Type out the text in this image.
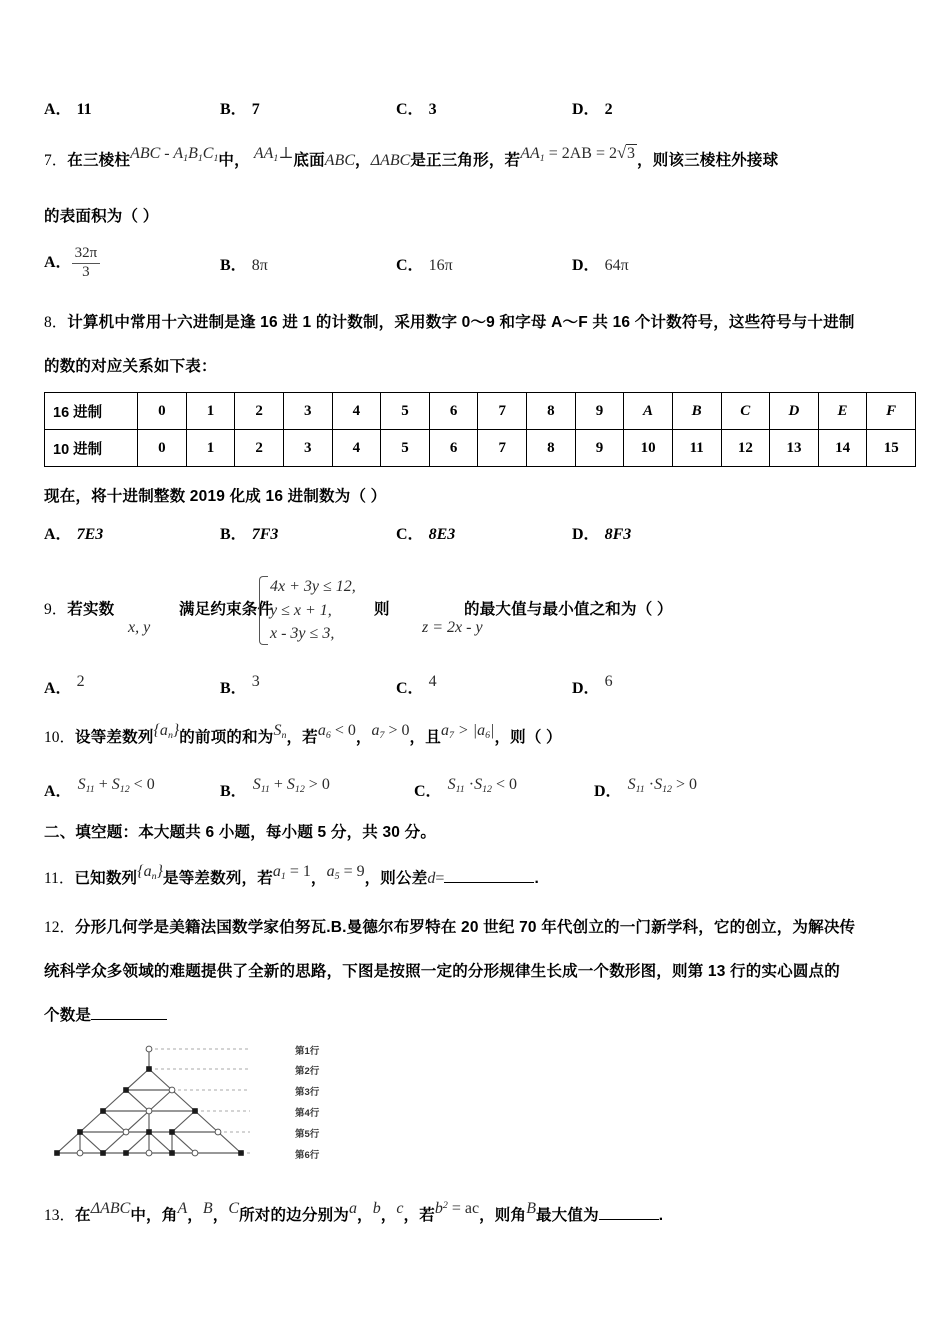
A． 11	B． 7	C． 3	D． 2
7．在三棱柱ABC - $A_1B_1C_1$中， $AA_1\perp$底面ABC，ΔABC是正三角形，若$AA_1 = 2AB = 2$ √ 3 ，则该三棱柱外接球
的表面积为（ ）
A． $\frac{32\pi}{3}$	B． 8π	C． 16π	D． 64π
8．计算机中常用十六进制是逢 16 进 1 的计数制，采用数字 0～9 和字母 A～F 共 16 个计数符号，这些符号与十进制
的数的对应关系如下表：
16 进制	0	1	2	3	4	5	6	7	8	9	A	B	C	D	E	F
10 进制	0	1	2	3	4	5	6	7	8	9	10	11	12	13	14	15
现在，将十进制整数 2019 化成 16 进制数为（ ）
A． 7E3	B． 7F3	C． 8E3	D． 8F3
9．若实数
x, y
满足约束条件
4x + 3y ≤ 12,
y ≤ x + 1,
x - 3y ≤ 3,
则
z = 2x - y
的最大值与最小值之和为（ ）
A． 2	B． 3	C． 4	D． 6
10．设等差数列$\{a_n\}$的前项的和为$S_n$，若$a_6 < 0$，$a_7 > 0$，且$a_7 > |a_6|$，则（ ）
A． $S_{11} + S_{12} < 0$	B． $S_{11} + S_{12} > 0$	C． $S_{11} \cdot S_{12} < 0$	D． $S_{11} \cdot S_{12} > 0$
二、填空题：本大题共 6 小题，每小题 5 分，共 30 分。
11．已知数列$\{a_n\}$是等差数列，若$a_1 = 1$，$a_5 = 9$，则公差d=	.
12．分形几何学是美籍法国数学家伯努瓦.B.曼德尔布罗特在 20 世纪 70 年代创立的一门新学科，它的创立，为解决传
统科学众多领域的难题提供了全新的思路，下图是按照一定的分形规律生长成一个数形图，则第 13 行的实心圆点的
个数是
第1行
第2行
第3行
第4行
第5行
第6行
13．在ΔABC中，角A，B，C所对的边分别为a，b，c，若$b^2$ = ac，则角B最大值为	.
